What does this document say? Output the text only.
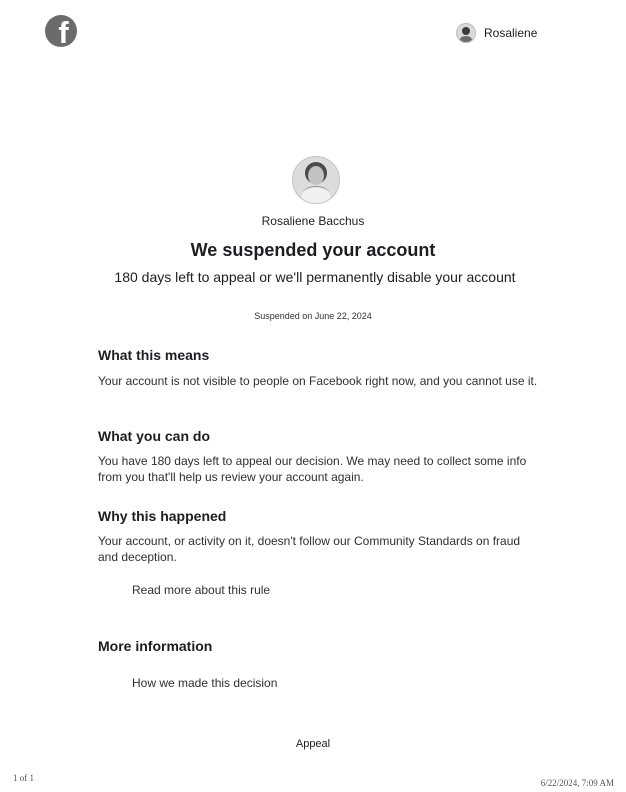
f	Rosaliene
Rosaliene Bacchus
We suspended your account
180 days left to appeal or we'll permanently disable your account
Suspended on June 22, 2024
What this means
Your account is not visible to people on Facebook right now, and you cannot use it.
What you can do
You have 180 days left to appeal our decision. We may need to collect some info from you that'll help us review your account again.
Why this happened
Your account, or activity on it, doesn't follow our Community Standards on fraud and deception.
Read more about this rule
More information
How we made this decision
Appeal
1 of 1	6/22/2024, 7:09 AM
